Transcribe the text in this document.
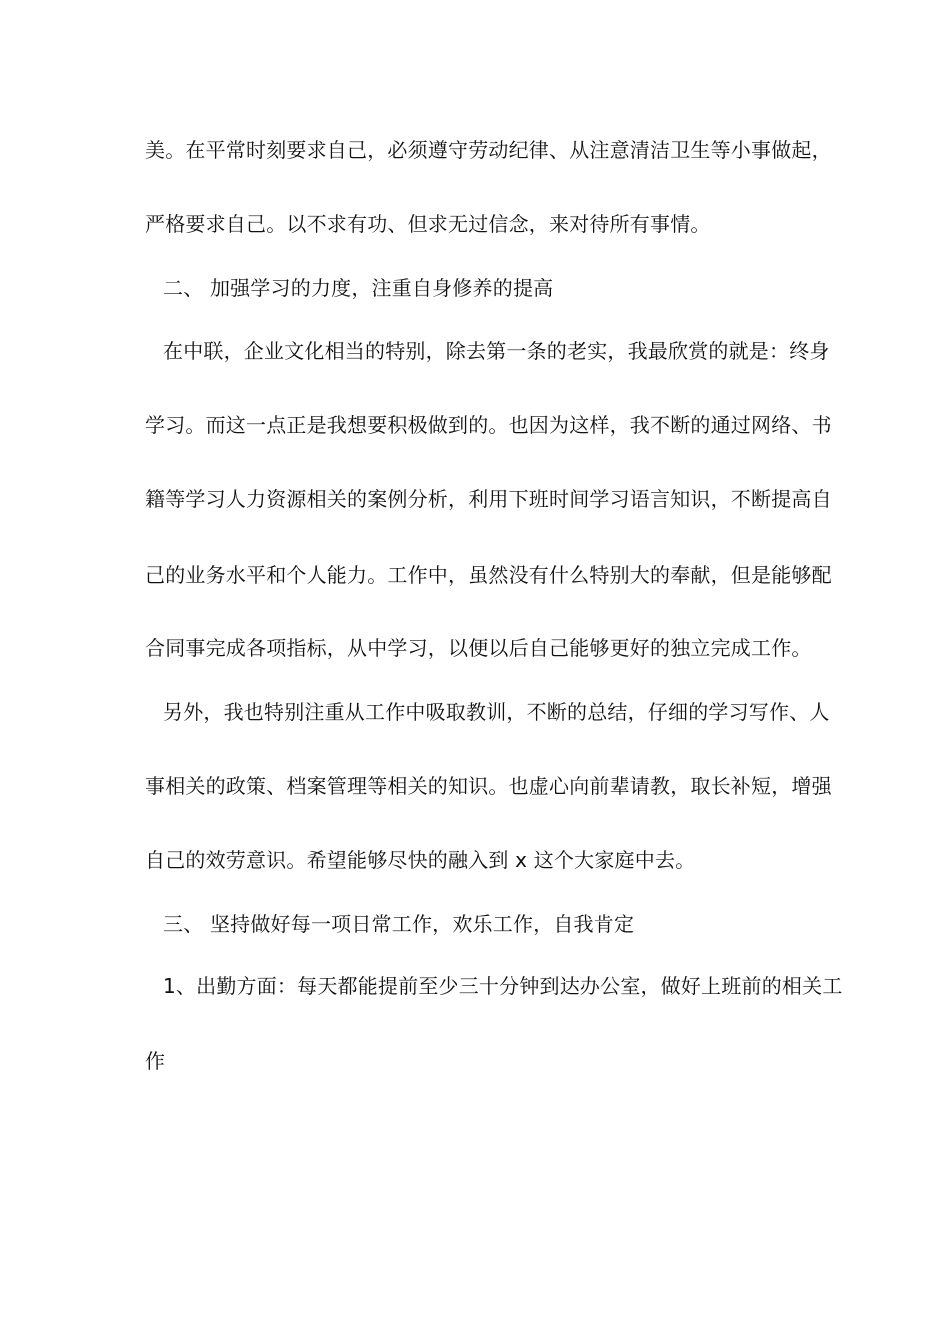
美。在平常时刻要求自己，必须遵守劳动纪律、从注意清洁卫生等小事做起，
严格要求自己。以不求有功、但求无过信念，来对待所有事情。
二、 加强学习的力度，注重自身修养的提高
在中联，企业文化相当的特别，除去第一条的老实，我最欣赏的就是：终身
学习。而这一点正是我想要积极做到的。也因为这样，我不断的通过网络、书
籍等学习人力资源相关的案例分析，利用下班时间学习语言知识，不断提高自
己的业务水平和个人能力。工作中，虽然没有什么特别大的奉献，但是能够配
合同事完成各项指标，从中学习，以便以后自己能够更好的独立完成工作。
另外，我也特别注重从工作中吸取教训，不断的总结，仔细的学习写作、人
事相关的政策、档案管理等相关的知识。也虚心向前辈请教，取长补短，增强
自己的效劳意识。希望能够尽快的融入到 x 这个大家庭中去。
三、 坚持做好每一项日常工作，欢乐工作，自我肯定
1、出勤方面：每天都能提前至少三十分钟到达办公室，做好上班前的相关工
作
